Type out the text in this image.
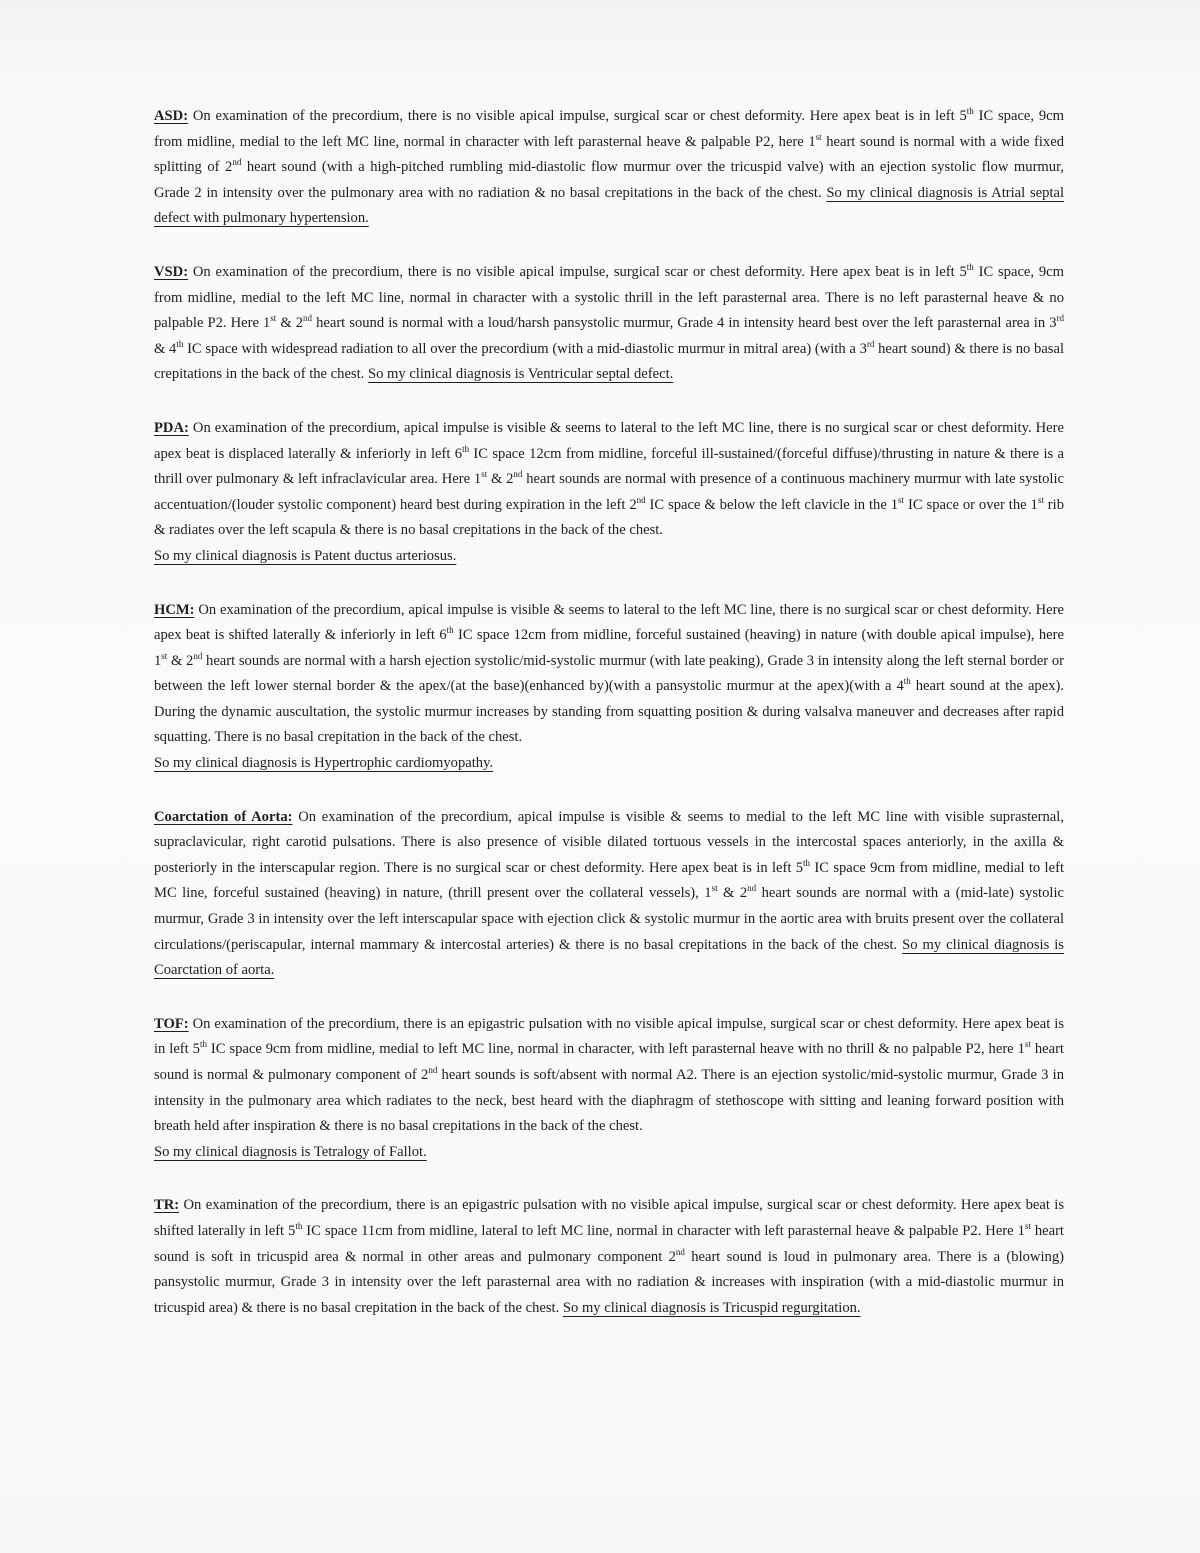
ASD: On examination of the precordium, there is no visible apical impulse, surgical scar or chest deformity. Here apex beat is in left 5th IC space, 9cm from midline, medial to the left MC line, normal in character with left parasternal heave & palpable P2, here 1st heart sound is normal with a wide fixed splitting of 2nd heart sound (with a high-pitched rumbling mid-diastolic flow murmur over the tricuspid valve) with an ejection systolic flow murmur, Grade 2 in intensity over the pulmonary area with no radiation & no basal crepitations in the back of the chest. So my clinical diagnosis is Atrial septal defect with pulmonary hypertension.
VSD: On examination of the precordium, there is no visible apical impulse, surgical scar or chest deformity. Here apex beat is in left 5th IC space, 9cm from midline, medial to the left MC line, normal in character with a systolic thrill in the left parasternal area. There is no left parasternal heave & no palpable P2. Here 1st & 2nd heart sound is normal with a loud/harsh pansystolic murmur, Grade 4 in intensity heard best over the left parasternal area in 3rd & 4th IC space with widespread radiation to all over the precordium (with a mid-diastolic murmur in mitral area) (with a 3rd heart sound) & there is no basal crepitations in the back of the chest. So my clinical diagnosis is Ventricular septal defect.
PDA: On examination of the precordium, apical impulse is visible & seems to lateral to the left MC line, there is no surgical scar or chest deformity. Here apex beat is displaced laterally & inferiorly in left 6th IC space 12cm from midline, forceful ill-sustained/(forceful diffuse)/thrusting in nature & there is a thrill over pulmonary & left infraclavicular area. Here 1st & 2nd heart sounds are normal with presence of a continuous machinery murmur with late systolic accentuation/(louder systolic component) heard best during expiration in the left 2nd IC space & below the left clavicle in the 1st IC space or over the 1st rib & radiates over the left scapula & there is no basal crepitations in the back of the chest.
So my clinical diagnosis is Patent ductus arteriosus.
HCM: On examination of the precordium, apical impulse is visible & seems to lateral to the left MC line, there is no surgical scar or chest deformity. Here apex beat is shifted laterally & inferiorly in left 6th IC space 12cm from midline, forceful sustained (heaving) in nature (with double apical impulse), here 1st & 2nd heart sounds are normal with a harsh ejection systolic/mid-systolic murmur (with late peaking), Grade 3 in intensity along the left sternal border or between the left lower sternal border & the apex/(at the base)(enhanced by)(with a pansystolic murmur at the apex)(with a 4th heart sound at the apex). During the dynamic auscultation, the systolic murmur increases by standing from squatting position & during valsalva maneuver and decreases after rapid squatting. There is no basal crepitation in the back of the chest.
So my clinical diagnosis is Hypertrophic cardiomyopathy.
Coarctation of Aorta: On examination of the precordium, apical impulse is visible & seems to medial to the left MC line with visible suprasternal, supraclavicular, right carotid pulsations. There is also presence of visible dilated tortuous vessels in the intercostal spaces anteriorly, in the axilla & posteriorly in the interscapular region. There is no surgical scar or chest deformity. Here apex beat is in left 5th IC space 9cm from midline, medial to left MC line, forceful sustained (heaving) in nature, (thrill present over the collateral vessels), 1st & 2nd heart sounds are normal with a (mid-late) systolic murmur, Grade 3 in intensity over the left interscapular space with ejection click & systolic murmur in the aortic area with bruits present over the collateral circulations/(periscapular, internal mammary & intercostal arteries) & there is no basal crepitations in the back of the chest. So my clinical diagnosis is Coarctation of aorta.
TOF: On examination of the precordium, there is an epigastric pulsation with no visible apical impulse, surgical scar or chest deformity. Here apex beat is in left 5th IC space 9cm from midline, medial to left MC line, normal in character, with left parasternal heave with no thrill & no palpable P2, here 1st heart sound is normal & pulmonary component of 2nd heart sounds is soft/absent with normal A2. There is an ejection systolic/mid-systolic murmur, Grade 3 in intensity in the pulmonary area which radiates to the neck, best heard with the diaphragm of stethoscope with sitting and leaning forward position with breath held after inspiration & there is no basal crepitations in the back of the chest.
So my clinical diagnosis is Tetralogy of Fallot.
TR: On examination of the precordium, there is an epigastric pulsation with no visible apical impulse, surgical scar or chest deformity. Here apex beat is shifted laterally in left 5th IC space 11cm from midline, lateral to left MC line, normal in character with left parasternal heave & palpable P2. Here 1st heart sound is soft in tricuspid area & normal in other areas and pulmonary component 2nd heart sound is loud in pulmonary area. There is a (blowing) pansystolic murmur, Grade 3 in intensity over the left parasternal area with no radiation & increases with inspiration (with a mid-diastolic murmur in tricuspid area) & there is no basal crepitation in the back of the chest. So my clinical diagnosis is Tricuspid regurgitation.
